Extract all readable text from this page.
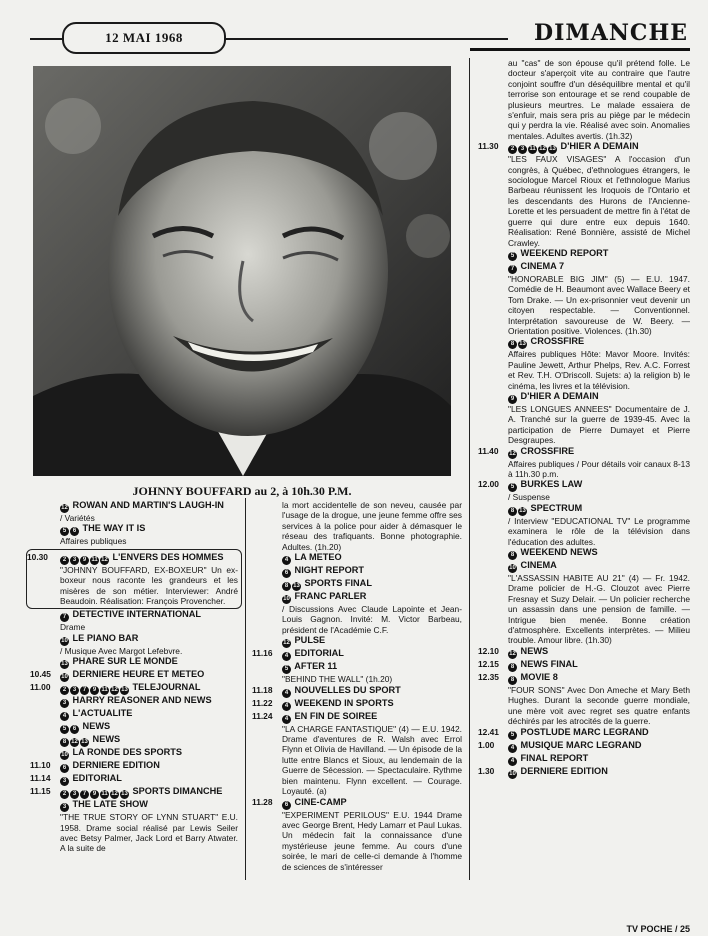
12 MAI 1968	DIMANCHE
JOHNNY BOUFFARD au 2, à 10h.30 P.M.
12 ROWAN AND MARTIN'S LAUGH-IN

/ Variétés

5 6 THE WAY IT IS

Affaires publiques

10.30	2 3 9 11 12 L'ENVERS DES HOMMES

"JOHNNY BOUFFARD, EX-BOXEUR" Un ex-boxeur nous raconte les grandeurs et les misères de son métier. Interviewer: André Beaudoin. Réalisation: François Provencher.

7 DETECTIVE INTERNATIONAL

Drame

10 LE PIANO BAR

/ Musique Avec Margot Lefebvre.

13 PHARE SUR LE MONDE
10.45	10 DERNIERE HEURE ET METEO
11.00	2 3 7 9 11 12 13 TELEJOURNAL
3 HARRY REASONER AND NEWS
4 L'ACTUALITE
5 6 NEWS
8 12 13 NEWS
10 LA RONDE DES SPORTS
11.10	6 DERNIERE EDITION
11.14	3 EDITORIAL
11.15	2 3 7 9 11 12 13 SPORTS DIMANCHE
3 THE LATE SHOW

"THE TRUE STORY OF LYNN STUART" E.U. 1958. Drame social réalisé par Lewis Seiler avec Betsy Palmer, Jack Lord et Barry Atwater. A la suite de

la mort accidentelle de son neveu, causée par l'usage de la drogue, une jeune femme offre ses services à la police pour aider à démasquer le réseau des trafiquants. Bonne photographie. Adultes. (1h.20)

4 LA METEO
6 NIGHT REPORT
8 13 SPORTS FINAL
10 FRANC PARLER

/ Discussions Avec Claude Lapointe et Jean-Louis Gagnon. Invité: M. Victor Barbeau, président de l'Académie C.F.

12 PULSE
11.16	4 EDITORIAL
5 AFTER 11

"BEHIND THE WALL" (1h.20)

11.18	4 NOUVELLES DU SPORT
11.22	4 WEEKEND IN SPORTS
11.24	4 EN FIN DE SOIREE

"LA CHARGE FANTASTIQUE" (4) — E.U. 1942. Drame d'aventures de R. Walsh avec Errol Flynn et Olivia de Havilland. — Un épisode de la lutte entre Blancs et Sioux, au lendemain de la Guerre de Sécession. — Spectaculaire. Rythme bien maintenu. Flynn excellent. — Courage. Loyauté. (a)

11.28	6 CINE-CAMP

"EXPERIMENT PERILOUS" E.U. 1944 Drame avec George Brent, Hedy Lamarr et Paul Lukas. Un médecin fait la connaissance d'une mystérieuse jeune femme. Au cours d'une soirée, le mari de celle-ci demande à l'homme de sciences de s'intéresser

au "cas" de son épouse qu'il prétend folle. Le docteur s'aperçoit vite au contraire que l'autre conjoint souffre d'un déséquilibre mental et qu'il terrorise son entourage et se rend coupable de plusieurs meurtres. Le malade essaiera de s'enfuir, mais sera pris au piège par le médecin qui y perdra la vie. Réalisé avec soin. Anomalies mentales. Adultes avertis. (1h.32)

11.30	2 3 11 12 13 D'HIER A DEMAIN

"LES FAUX VISAGES" A l'occasion d'un congrès, à Québec, d'ethnologues étrangers, le sociologue Marcel Rioux et l'ethnologue Marius Barbeau réunissent les Iroquois de l'Ontario et les descendants des Hurons de l'Ancienne-Lorette et les persuadent de mettre fin à l'état de guerre qui dure entre eux depuis 1640. Réalisation: René Bonnière, assisté de Michel Crawley.

5 WEEKEND REPORT
7 CINEMA 7

"HONORABLE BIG JIM" (5) — E.U. 1947. Comédie de H. Beaumont avec Wallace Beery et Tom Drake. — Un ex-prisonnier veut devenir un citoyen respectable. — Conventionnel. Interprétation savoureuse de W. Beery. — Orientation positive. Violences. (1h.30)

8 13 CROSSFIRE

Affaires publiques Hôte: Mavor Moore. Invités: Pauline Jewett, Arthur Phelps, Rev. A.C. Forrest et Rev. T.H. O'Driscoll. Sujets: a) la religion b) le cinéma, les livres et la télévision.

9 D'HIER A DEMAIN

"LES LONGUES ANNEES" Documentaire de J. A. Tranché sur la guerre de 1939-45. Avec la participation de Pierre Dumayet et Pierre Desgraupes.

11.40	12 CROSSFIRE

Affaires publiques / Pour détails voir canaux 8-13 à 11h.30 p.m.

12.00	5 BURKES LAW

/ Suspense

8 13 SPECTRUM

/ Interview "EDUCATIONAL TV" Le programme examinera le rôle de la télévision dans l'éducation des adultes.

8 WEEKEND NEWS
10 CINEMA

"L'ASSASSIN HABITE AU 21" (4) — Fr. 1942. Drame policier de H.-G. Clouzot avec Pierre Fresnay et Suzy Delair. — Un policier recherche un assassin dans une pension de famille. — Intrigue bien menée. Bonne création d'atmosphère. Excellents interprètes. — Milieu trouble. Amour libre. (1h.30)

12.10	12 NEWS
12.15	8 NEWS FINAL
12.35	8 MOVIE 8

"FOUR SONS" Avec Don Ameche et Mary Beth Hughes. Durant la seconde guerre mondiale, une mère voit avec regret ses quatre enfants déchirés par les atrocités de la guerre.

12.41	5 POSTLUDE MARC LEGRAND
1.00	4 MUSIQUE MARC LEGRAND
4 FINAL REPORT
1.30	10 DERNIERE EDITION
TV POCHE / 25
